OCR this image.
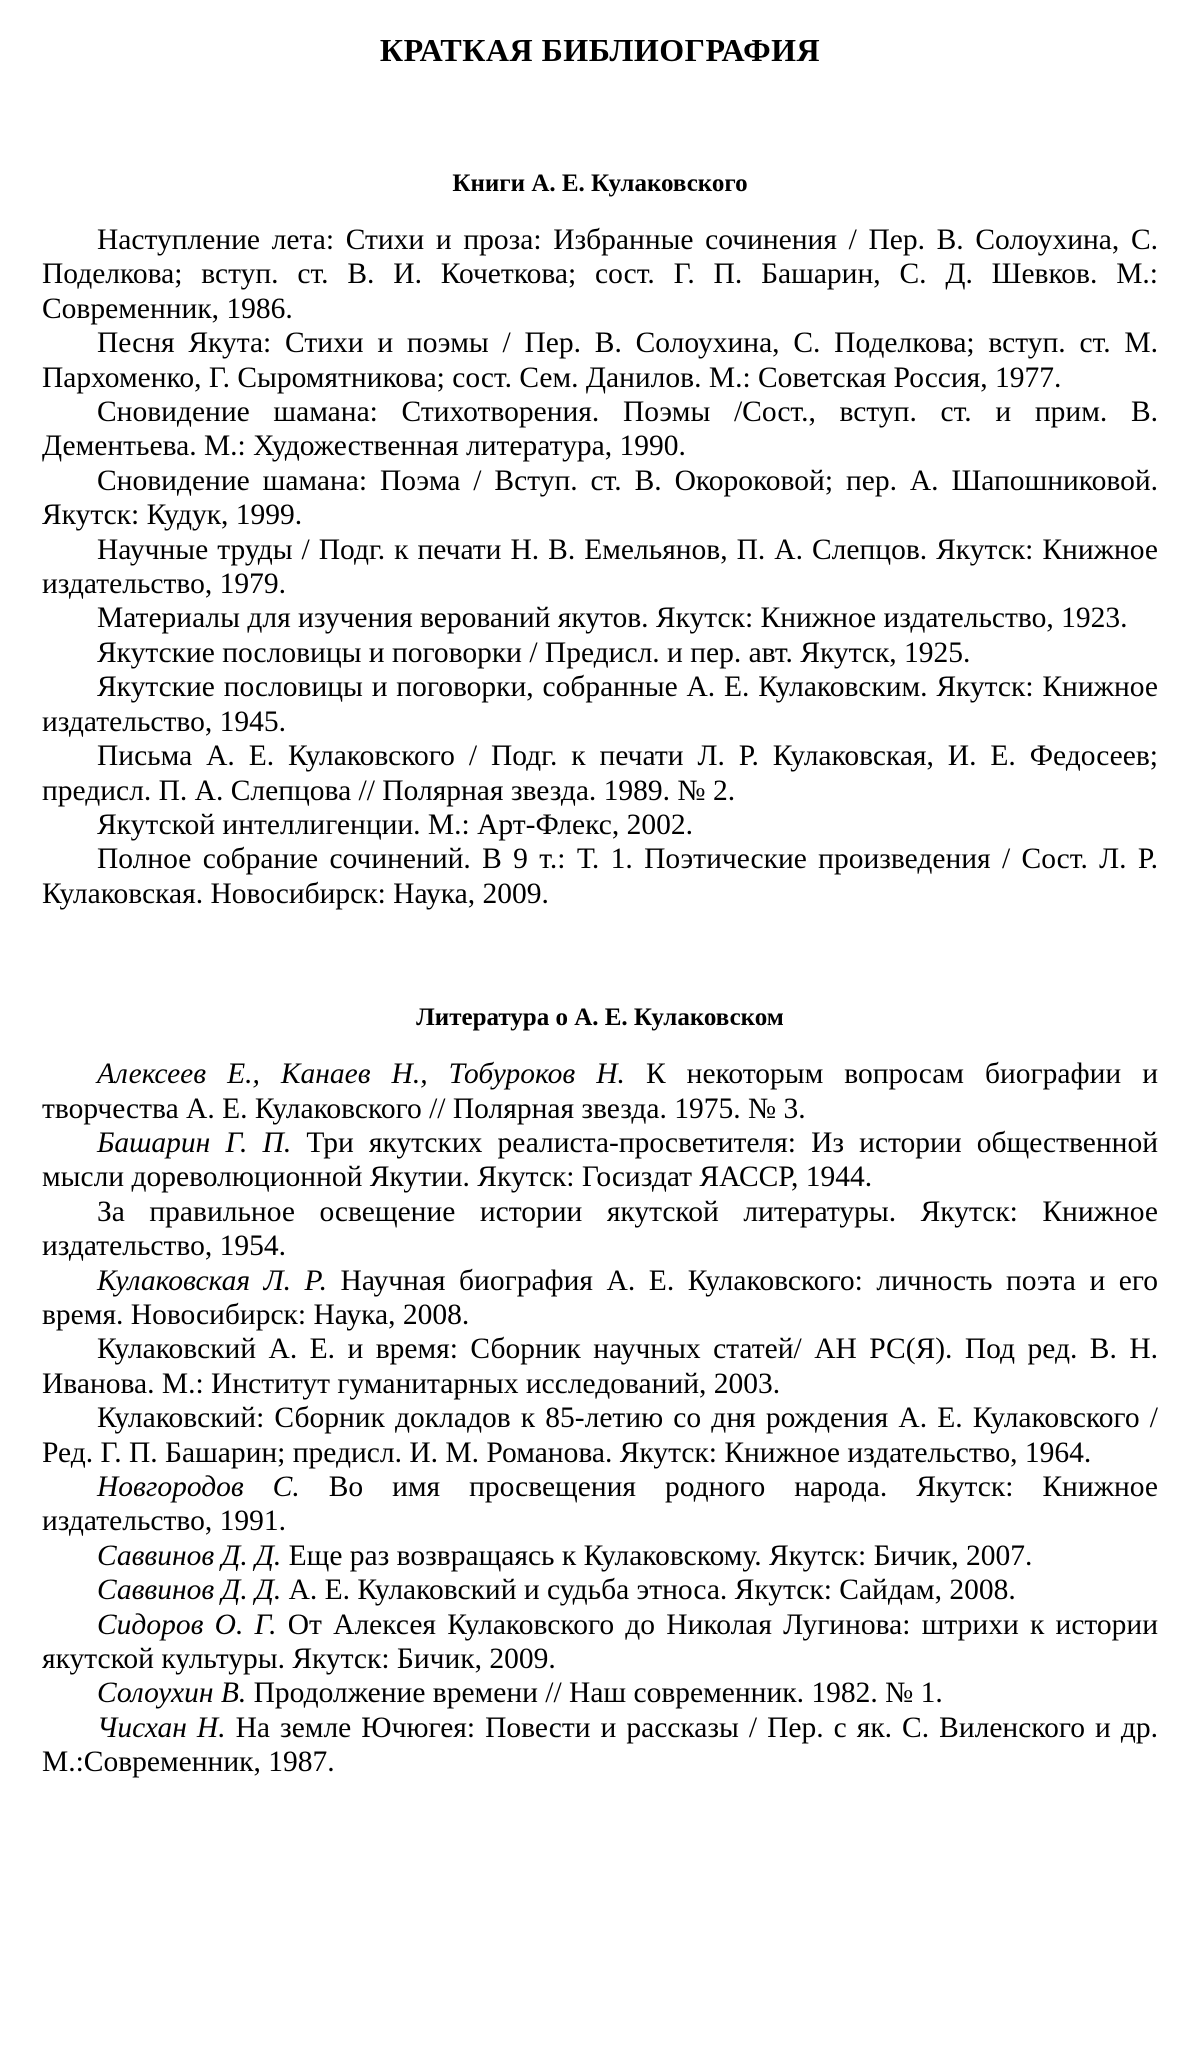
КРАТКАЯ БИБЛИОГРАФИЯ
Книги А. Е. Кулаковского

Наступление лета: Стихи и проза: Избранные сочинения / Пер. В. Солоухина, С. Поделкова; вступ. ст. В. И. Кочеткова; сост. Г. П. Башарин, С. Д. Шевков. М.: Современник, 1986.

Песня Якута: Стихи и поэмы / Пер. В. Солоухина, С. Поделкова; вступ. ст. М. Пархоменко, Г. Сыромятникова; сост. Сем. Данилов. М.: Советская Россия, 1977.

Сновидение шамана: Стихотворения. Поэмы /Сост., вступ. ст. и прим. В. Дементьева. М.: Художественная литература, 1990.

Сновидение шамана: Поэма / Вступ. ст. В. Окороковой; пер. А. Шапошниковой. Якутск: Кудук, 1999.

Научные труды / Подг. к печати Н. В. Емельянов, П. А. Слепцов. Якутск: Книжное издательство, 1979.

Материалы для изучения верований якутов. Якутск: Книжное издательство, 1923.

Якутские пословицы и поговорки / Предисл. и пер. авт. Якутск, 1925.

Якутские пословицы и поговорки, собранные А. Е. Кулаковским. Якутск: Книжное издательство, 1945.

Письма А. Е. Кулаковского / Подг. к печати Л. Р. Кулаковская, И. Е. Федосеев; предисл. П. А. Слепцова // Полярная звезда. 1989. № 2.

Якутской интеллигенции. М.: Арт-Флекс, 2002.

Полное собрание сочинений. В 9 т.: Т. 1. Поэтические произведения / Сост. Л. Р. Кулаковская. Новосибирск: Наука, 2009.

Литература о А. Е. Кулаковском

Алексеев Е., Канаев Н., Тобуроков Н. К некоторым вопросам биографии и творчества А. Е. Кулаковского // Полярная звезда. 1975. № 3.

Башарин Г. П. Три якутских реалиста-просветителя: Из истории общественной мысли дореволюционной Якутии. Якутск: Госиздат ЯАССР, 1944.

За правильное освещение истории якутской литературы. Якутск: Книжное издательство, 1954.

Кулаковская Л. Р. Научная биография А. Е. Кулаковского: личность поэта и его время. Новосибирск: Наука, 2008.

Кулаковский А. Е. и время: Сборник научных статей/ АН РС(Я). Под ред. В. Н. Иванова. М.: Институт гуманитарных исследований, 2003.

Кулаковский: Сборник докладов к 85-летию со дня рождения А. Е. Кулаковского / Ред. Г. П. Башарин; предисл. И. М. Романова. Якутск: Книжное издательство, 1964.

Новгородов С. Во имя просвещения родного народа. Якутск: Книжное издательство, 1991.

Саввинов Д. Д. Еще раз возвращаясь к Кулаковскому. Якутск: Бичик, 2007.

Саввинов Д. Д. А. Е. Кулаковский и судьба этноса. Якутск: Сайдам, 2008.

Сидоров О. Г. От Алексея Кулаковского до Николая Лугинова: штрихи к истории якутской культуры. Якутск: Бичик, 2009.

Солоухин В. Продолжение времени // Наш современник. 1982. № 1.

Чисхан Н. На земле Ючюгея: Повести и рассказы / Пер. с як. С. Виленского и др. М.:Современник, 1987.
